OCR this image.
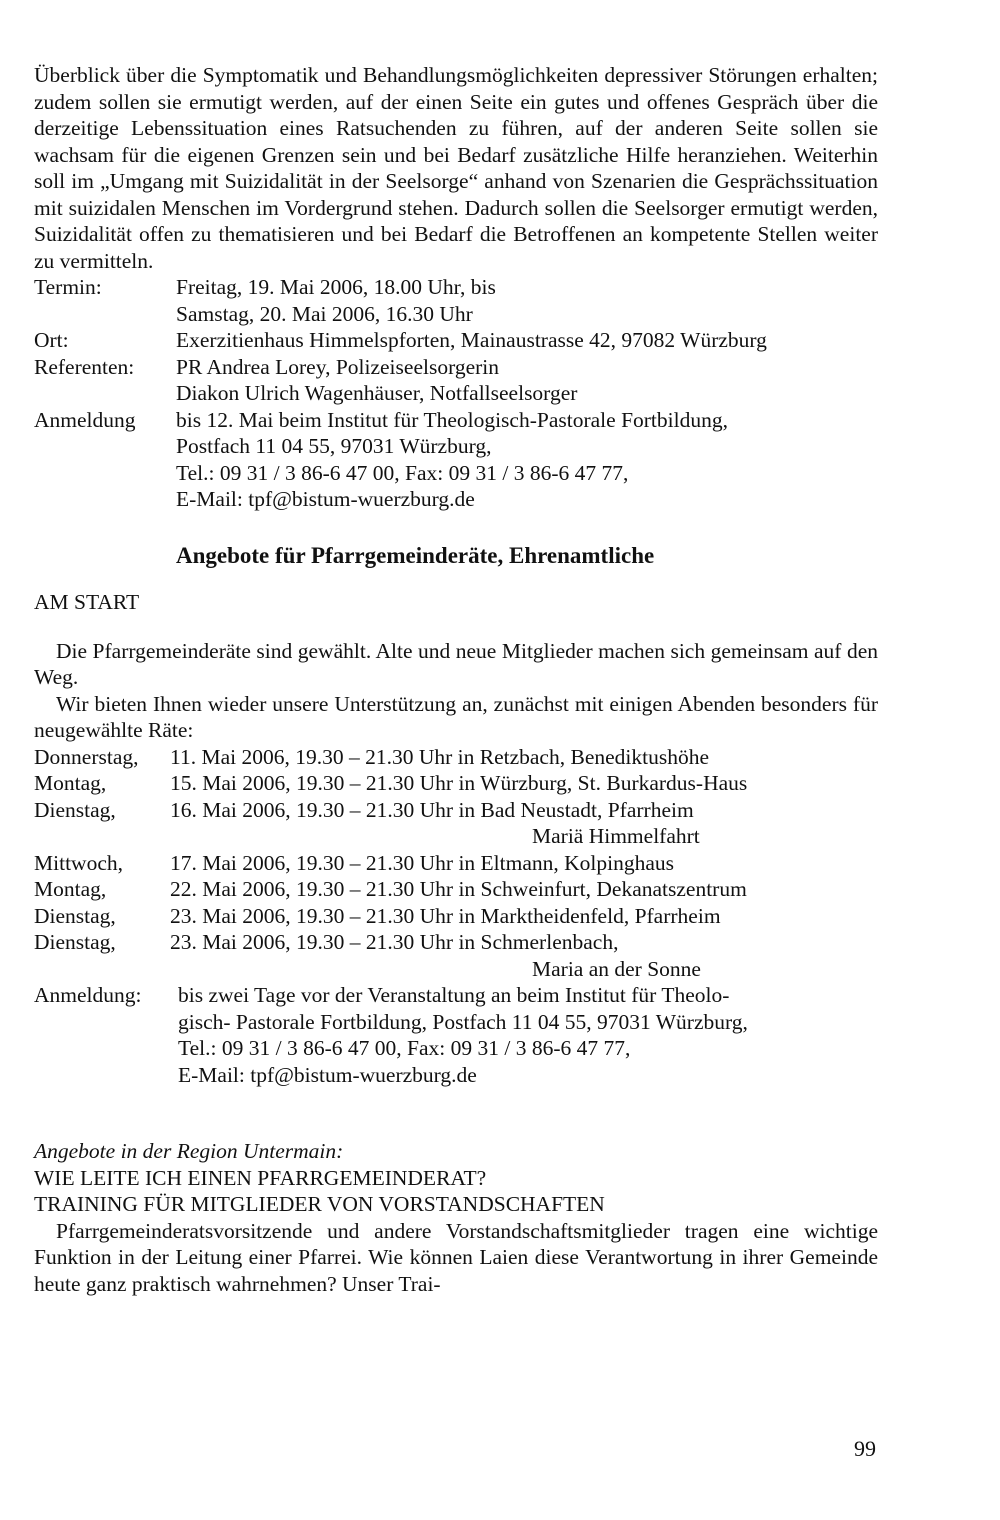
Überblick über die Symptomatik und Behandlungsmöglichkeiten depressiver Störungen erhalten; zudem sollen sie ermutigt werden, auf der einen Seite ein gutes und offenes Gespräch über die derzeitige Lebenssituation eines Ratsuchenden zu führen, auf der anderen Seite sollen sie wachsam für die eigenen Grenzen sein und bei Bedarf zusätzliche Hilfe heranziehen. Weiterhin soll im „Umgang mit Suizidalität in der Seelsorge“ anhand von Szenarien die Gesprächssituation mit suizidalen Menschen im Vordergrund stehen. Dadurch sollen die Seelsorger ermutigt werden, Suizidalität offen zu thematisieren und bei Bedarf die Betroffenen an kompetente Stellen weiter zu vermitteln.

Termin:	Freitag, 19. Mai 2006, 18.00 Uhr, bis
Samstag, 20. Mai 2006, 16.30 Uhr
Ort:	Exerzitienhaus Himmelspforten, Mainaustrasse 42, 97082 Würzburg
Referenten:	PR Andrea Lorey, Polizeiseelsorgerin
Diakon Ulrich Wagenhäuser, Notfallseelsorger
Anmeldung	bis 12. Mai beim Institut für Theologisch-Pastorale Fortbildung,
Postfach 11 04 55, 97031 Würzburg,
Tel.: 09 31 / 3 86-6 47 00, Fax: 09 31 / 3 86-6 47 77,
E-Mail: tpf@bistum-wuerzburg.de
Angebote für Pfarrgemeinderäte, Ehrenamtliche
AM START

Die Pfarrgemeinderäte sind gewählt. Alte und neue Mitglieder machen sich gemeinsam auf den Weg.

Wir bieten Ihnen wieder unsere Unterstützung an, zunächst mit einigen Abenden besonders für neugewählte Räte:

Donnerstag,	11. Mai 2006, 19.30 – 21.30 Uhr in Retzbach, Benediktushöhe
Montag,	15. Mai 2006, 19.30 – 21.30 Uhr in Würzburg, St. Burkardus-Haus
Dienstag,	16. Mai 2006, 19.30 – 21.30 Uhr in Bad Neustadt, Pfarrheim
Mariä Himmelfahrt
Mittwoch,	17. Mai 2006, 19.30 – 21.30 Uhr in Eltmann, Kolpinghaus
Montag,	22. Mai 2006, 19.30 – 21.30 Uhr in Schweinfurt, Dekanatszentrum
Dienstag,	23. Mai 2006, 19.30 – 21.30 Uhr in Marktheidenfeld, Pfarrheim
Dienstag,	23. Mai 2006, 19.30 – 21.30 Uhr in Schmerlenbach,
Maria an der Sonne
Anmeldung:	bis zwei Tage vor der Veranstaltung an beim Institut für Theolo-
gisch- Pastorale Fortbildung, Postfach 11 04 55, 97031 Würzburg,
Tel.: 09 31 / 3 86-6 47 00, Fax: 09 31 / 3 86-6 47 77,
E-Mail: tpf@bistum-wuerzburg.de
Angebote in der Region Untermain:
WIE LEITE ICH EINEN PFARRGEMEINDERAT?
TRAINING FÜR MITGLIEDER VON VORSTANDSCHAFTEN

Pfarrgemeinderatsvorsitzende und andere Vorstandschaftsmitglieder tragen eine wichtige Funktion in der Leitung einer Pfarrei. Wie können Laien diese Verantwortung in ihrer Gemeinde heute ganz praktisch wahrnehmen? Unser Trai-

99
